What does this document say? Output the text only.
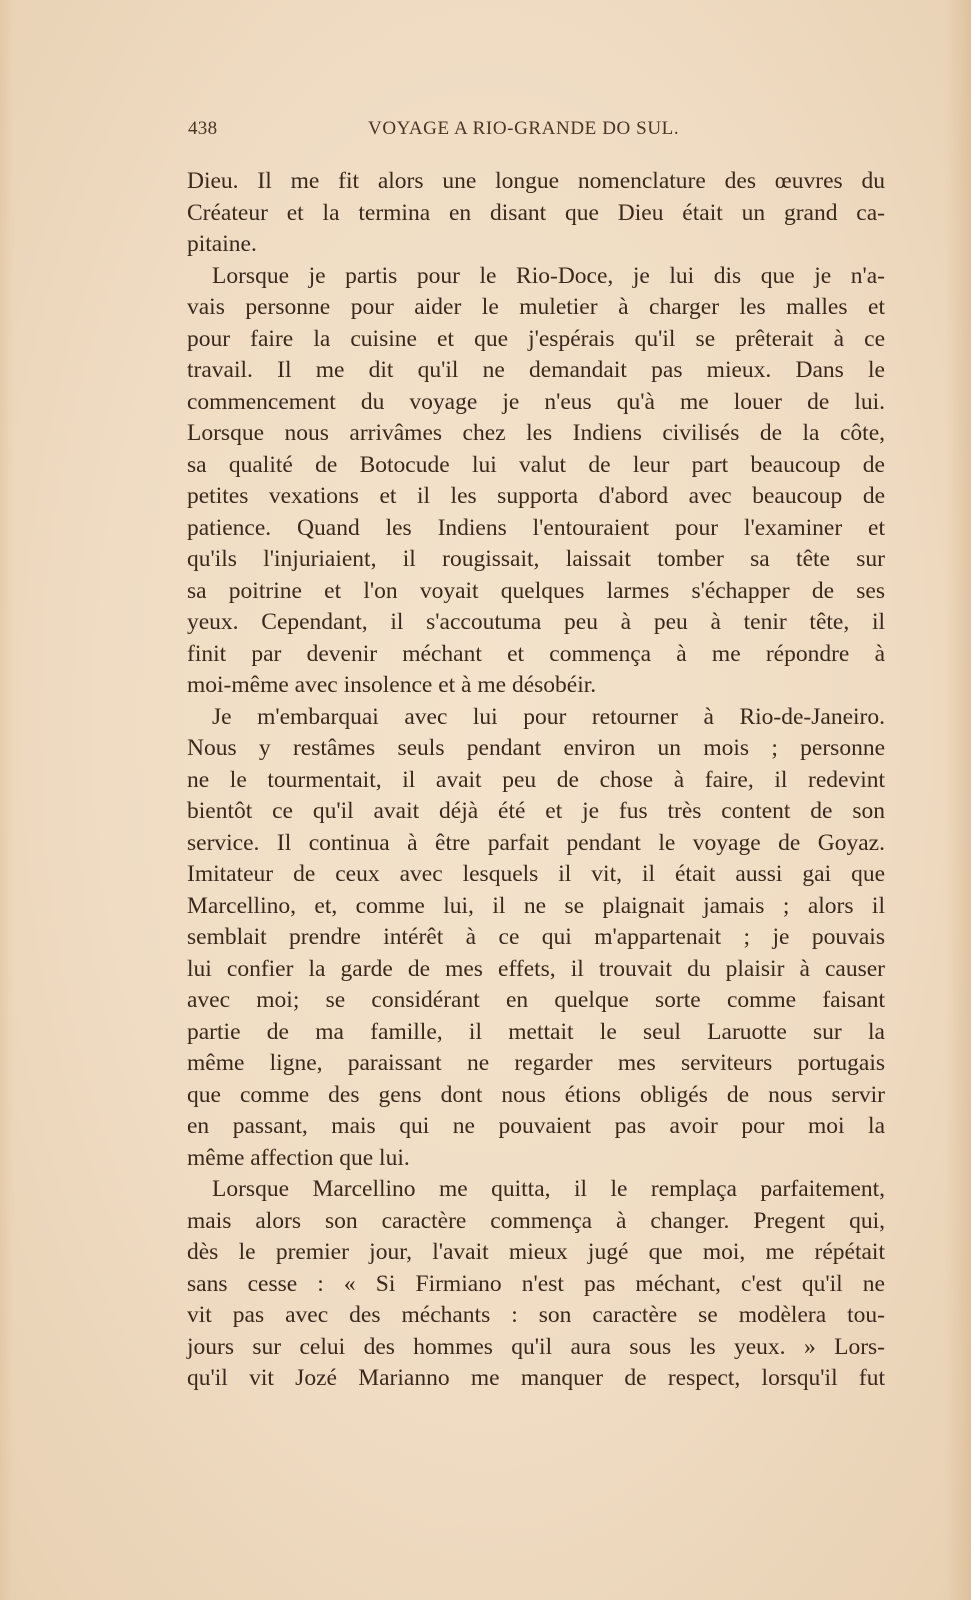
438	VOYAGE A RIO-GRANDE DO SUL.
Dieu. Il me fit alors une longue nomenclature des œuvres du
Créateur et la termina en disant que Dieu était un grand ca-
pitaine.
Lorsque je partis pour le Rio-Doce, je lui dis que je n'a-
vais personne pour aider le muletier à charger les malles et
pour faire la cuisine et que j'espérais qu'il se prêterait à ce
travail. Il me dit qu'il ne demandait pas mieux. Dans le
commencement du voyage je n'eus qu'à me louer de lui.
Lorsque nous arrivâmes chez les Indiens civilisés de la côte,
sa qualité de Botocude lui valut de leur part beaucoup de
petites vexations et il les supporta d'abord avec beaucoup de
patience. Quand les Indiens l'entouraient pour l'examiner et
qu'ils l'injuriaient, il rougissait, laissait tomber sa tête sur
sa poitrine et l'on voyait quelques larmes s'échapper de ses
yeux. Cependant, il s'accoutuma peu à peu à tenir tête, il
finit par devenir méchant et commença à me répondre à
moi-même avec insolence et à me désobéir.
Je m'embarquai avec lui pour retourner à Rio-de-Janeiro.
Nous y restâmes seuls pendant environ un mois ; personne
ne le tourmentait, il avait peu de chose à faire, il redevint
bientôt ce qu'il avait déjà été et je fus très content de son
service. Il continua à être parfait pendant le voyage de Goyaz.
Imitateur de ceux avec lesquels il vit, il était aussi gai que
Marcellino, et, comme lui, il ne se plaignait jamais ; alors il
semblait prendre intérêt à ce qui m'appartenait ; je pouvais
lui confier la garde de mes effets, il trouvait du plaisir à causer
avec moi; se considérant en quelque sorte comme faisant
partie de ma famille, il mettait le seul Laruotte sur la
même ligne, paraissant ne regarder mes serviteurs portugais
que comme des gens dont nous étions obligés de nous servir
en passant, mais qui ne pouvaient pas avoir pour moi la
même affection que lui.
Lorsque Marcellino me quitta, il le remplaça parfaitement,
mais alors son caractère commença à changer. Pregent qui,
dès le premier jour, l'avait mieux jugé que moi, me répétait
sans cesse : « Si Firmiano n'est pas méchant, c'est qu'il ne
vit pas avec des méchants : son caractère se modèlera tou-
jours sur celui des hommes qu'il aura sous les yeux. » Lors-
qu'il vit Jozé Marianno me manquer de respect, lorsqu'il fut
